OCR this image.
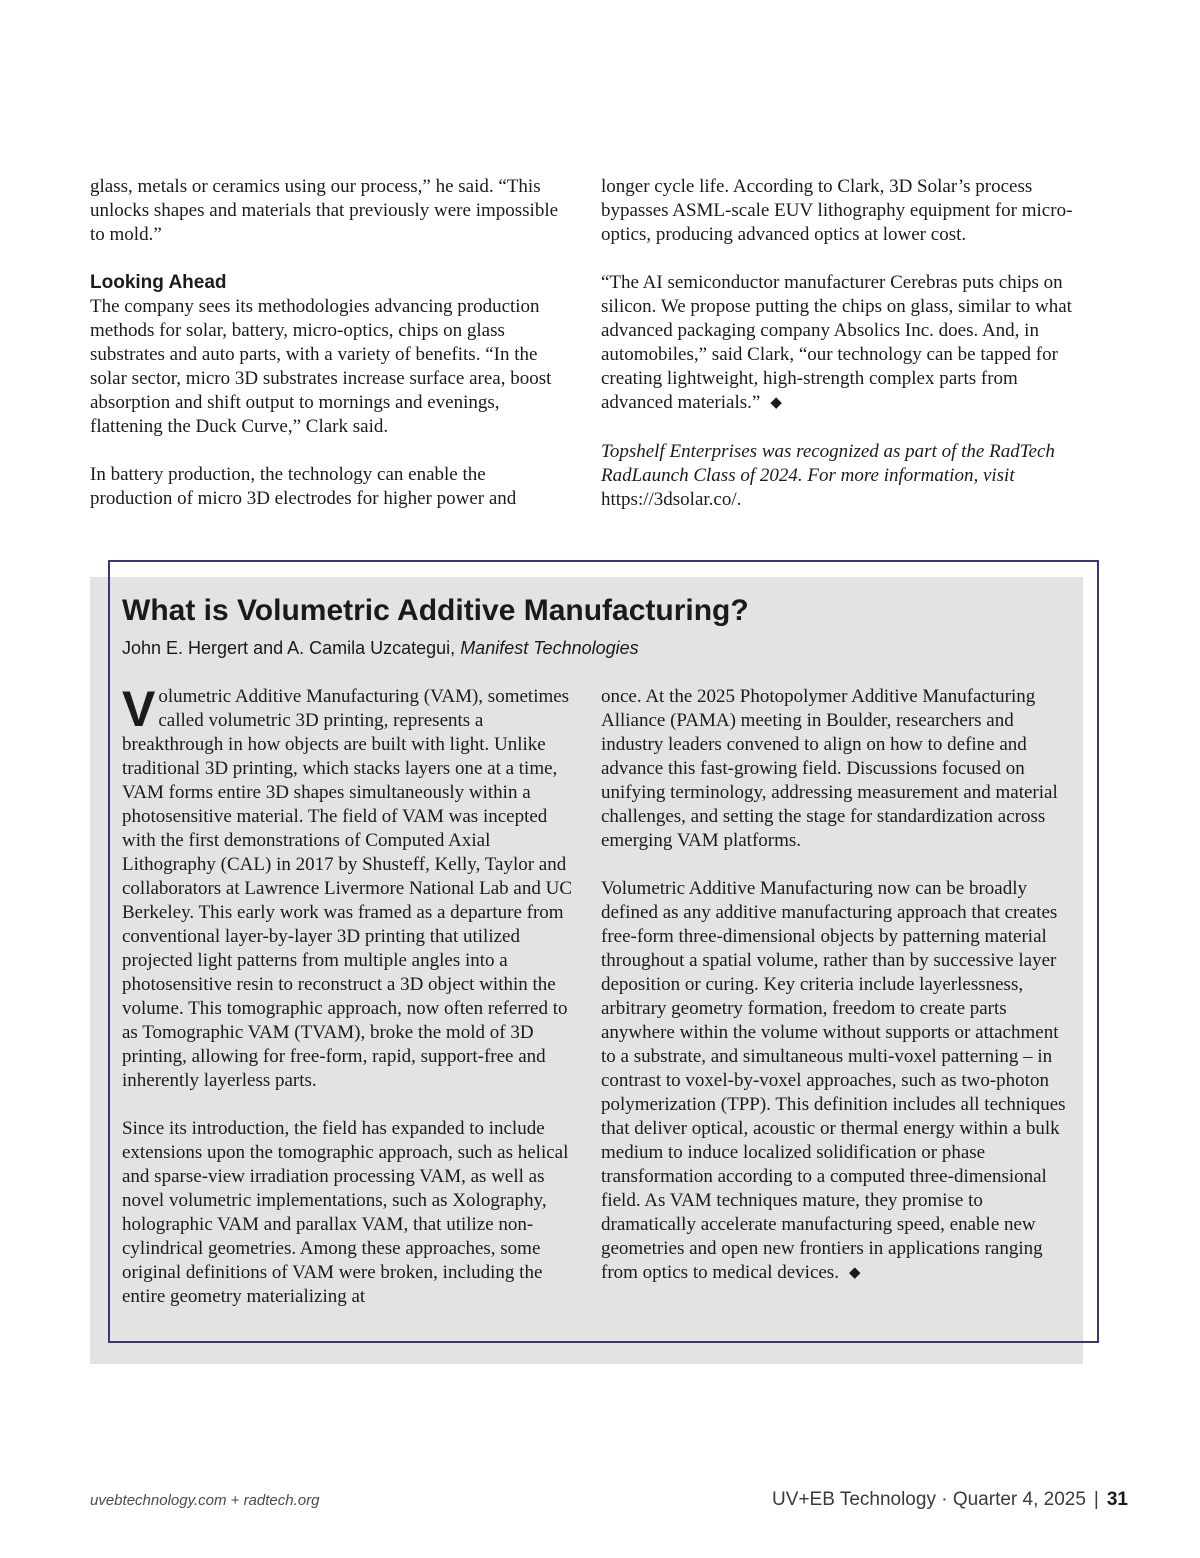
glass, metals or ceramics using our process,” he said. “This unlocks shapes and materials that previously were impossible to mold.”

Looking Ahead

The company sees its methodologies advancing production methods for solar, battery, micro-optics, chips on glass substrates and auto parts, with a variety of benefits. “In the solar sector, micro 3D substrates increase surface area, boost absorption and shift output to mornings and evenings, flattening the Duck Curve,” Clark said.

In battery production, the technology can enable the production of micro 3D electrodes for higher power and

longer cycle life. According to Clark, 3D Solar’s process bypasses ASML-scale EUV lithography equipment for micro-optics, producing advanced optics at lower cost.

“The AI semiconductor manufacturer Cerebras puts chips on silicon. We propose putting the chips on glass, similar to what advanced packaging company Absolics Inc. does. And, in automobiles,” said Clark, “our technology can be tapped for creating lightweight, high-strength complex parts from advanced materials.” ◆

Topshelf Enterprises was recognized as part of the RadTech RadLaunch Class of 2024. For more information, visit https://3dsolar.co/.

What is Volumetric Additive Manufacturing?
John E. Hergert and A. Camila Uzcategui, Manifest Technologies

Volumetric Additive Manufacturing (VAM), sometimes called volumetric 3D printing, represents a breakthrough in how objects are built with light. Unlike traditional 3D printing, which stacks layers one at a time, VAM forms entire 3D shapes simultaneously within a photosensitive material. The field of VAM was incepted with the first demonstrations of Computed Axial Lithography (CAL) in 2017 by Shusteff, Kelly, Taylor and collaborators at Lawrence Livermore National Lab and UC Berkeley. This early work was framed as a departure from conventional layer-by-layer 3D printing that utilized projected light patterns from multiple angles into a photosensitive resin to reconstruct a 3D object within the volume. This tomographic approach, now often referred to as Tomographic VAM (TVAM), broke the mold of 3D printing, allowing for free-form, rapid, support-free and inherently layerless parts.

Since its introduction, the field has expanded to include extensions upon the tomographic approach, such as helical and sparse-view irradiation processing VAM, as well as novel volumetric implementations, such as Xolography, holographic VAM and parallax VAM, that utilize non-cylindrical geometries. Among these approaches, some original definitions of VAM were broken, including the entire geometry materializing at

once. At the 2025 Photopolymer Additive Manufacturing Alliance (PAMA) meeting in Boulder, researchers and industry leaders convened to align on how to define and advance this fast-growing field. Discussions focused on unifying terminology, addressing measurement and material challenges, and setting the stage for standardization across emerging VAM platforms.

Volumetric Additive Manufacturing now can be broadly defined as any additive manufacturing approach that creates free-form three-dimensional objects by patterning material throughout a spatial volume, rather than by successive layer deposition or curing. Key criteria include layerlessness, arbitrary geometry formation, freedom to create parts anywhere within the volume without supports or attachment to a substrate, and simultaneous multi-voxel patterning – in contrast to voxel-by-voxel approaches, such as two-photon polymerization (TPP). This definition includes all techniques that deliver optical, acoustic or thermal energy within a bulk medium to induce localized solidification or phase transformation according to a computed three-dimensional field. As VAM techniques mature, they promise to dramatically accelerate manufacturing speed, enable new geometries and open new frontiers in applications ranging from optics to medical devices. ◆

uvebtechnology.com + radtech.org	UV+EB Technology · Quarter 4, 2025 | 31
